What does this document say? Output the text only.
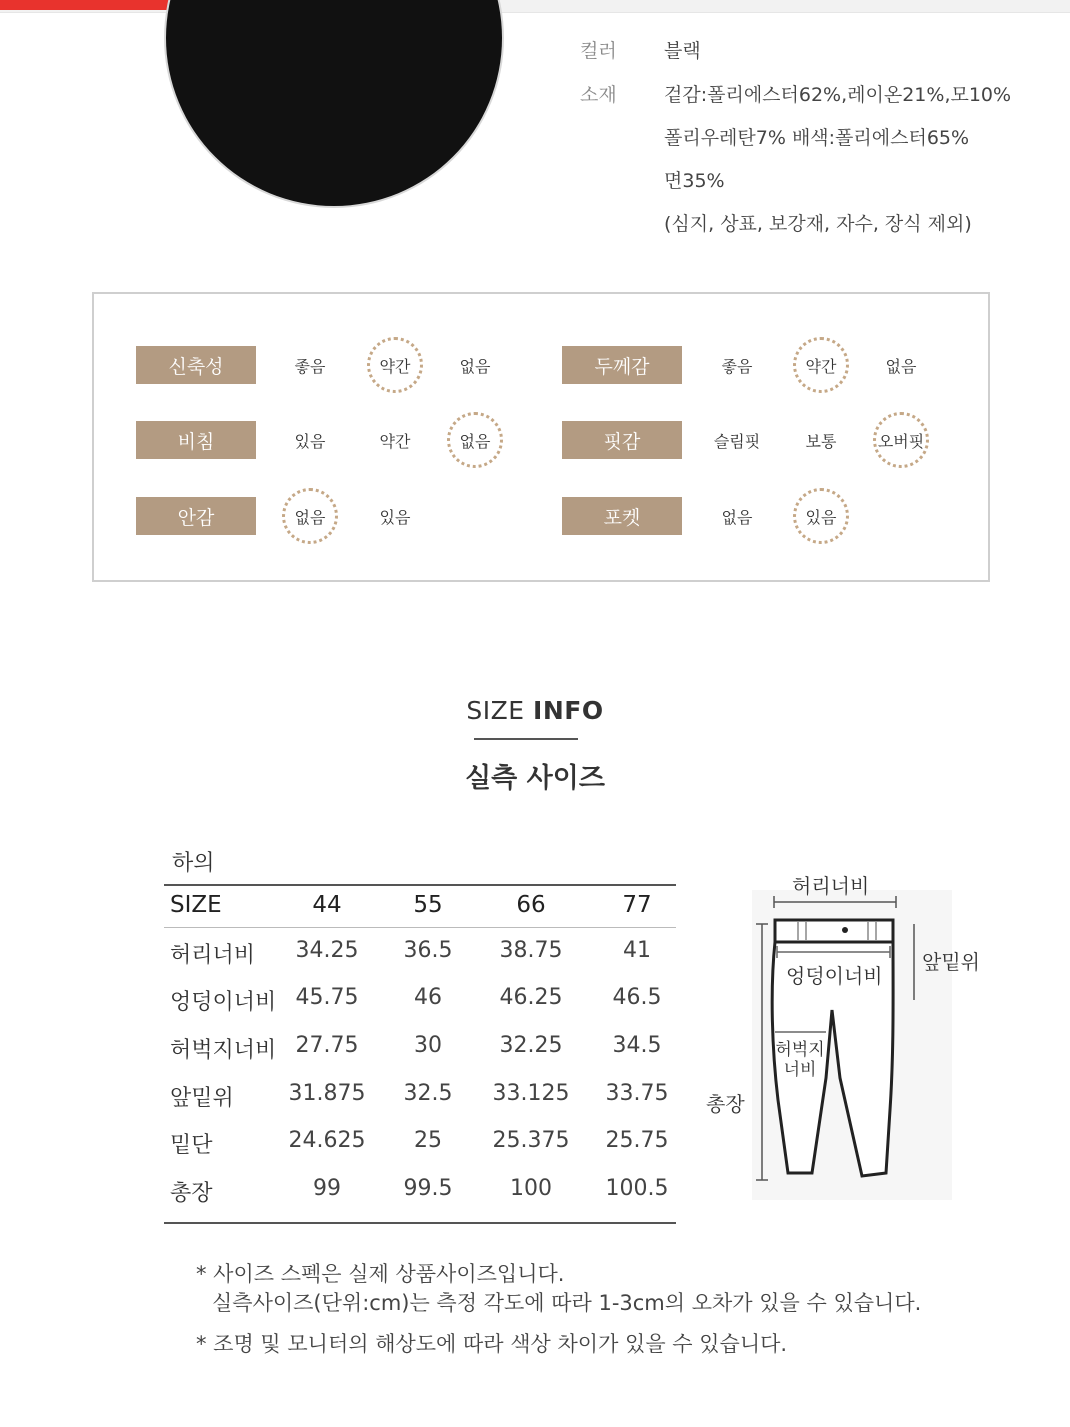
컬러	블랙
소재	겉감:폴리에스터62%,레이온21%,모10%
폴리우레탄7% 배색:폴리에스터65%
면35%
(심지, 상표, 보강재, 자수, 장식 제외)
신축성	좋음	약간	없음
비침	있음	약간	없음
안감	없음	있음
두께감	좋음	약간	없음
핏감	슬림핏	보통	오버핏
포켓	없음	있음
SIZE INFO
실측 사이즈
하의
SIZE	44	55	66	77
허리너비	34.25	36.5	38.75	41
엉덩이너비 45.75	46	46.25	46.5
허벅지너비 27.75	30	32.25	34.5
앞밑위	31.875	32.5	33.125	33.75
밑단	24.625	25	25.375	25.75
총장	99	99.5	100	100.5
허리너비
엉덩이너비
앞밑위
허벅지
너비
총장
* 사이즈 스펙은 실제 상품사이즈입니다.
실측사이즈(단위:cm)는 측정 각도에 따라 1-3cm의 오차가 있을 수 있습니다.
* 조명 및 모니터의 해상도에 따라 색상 차이가 있을 수 있습니다.
